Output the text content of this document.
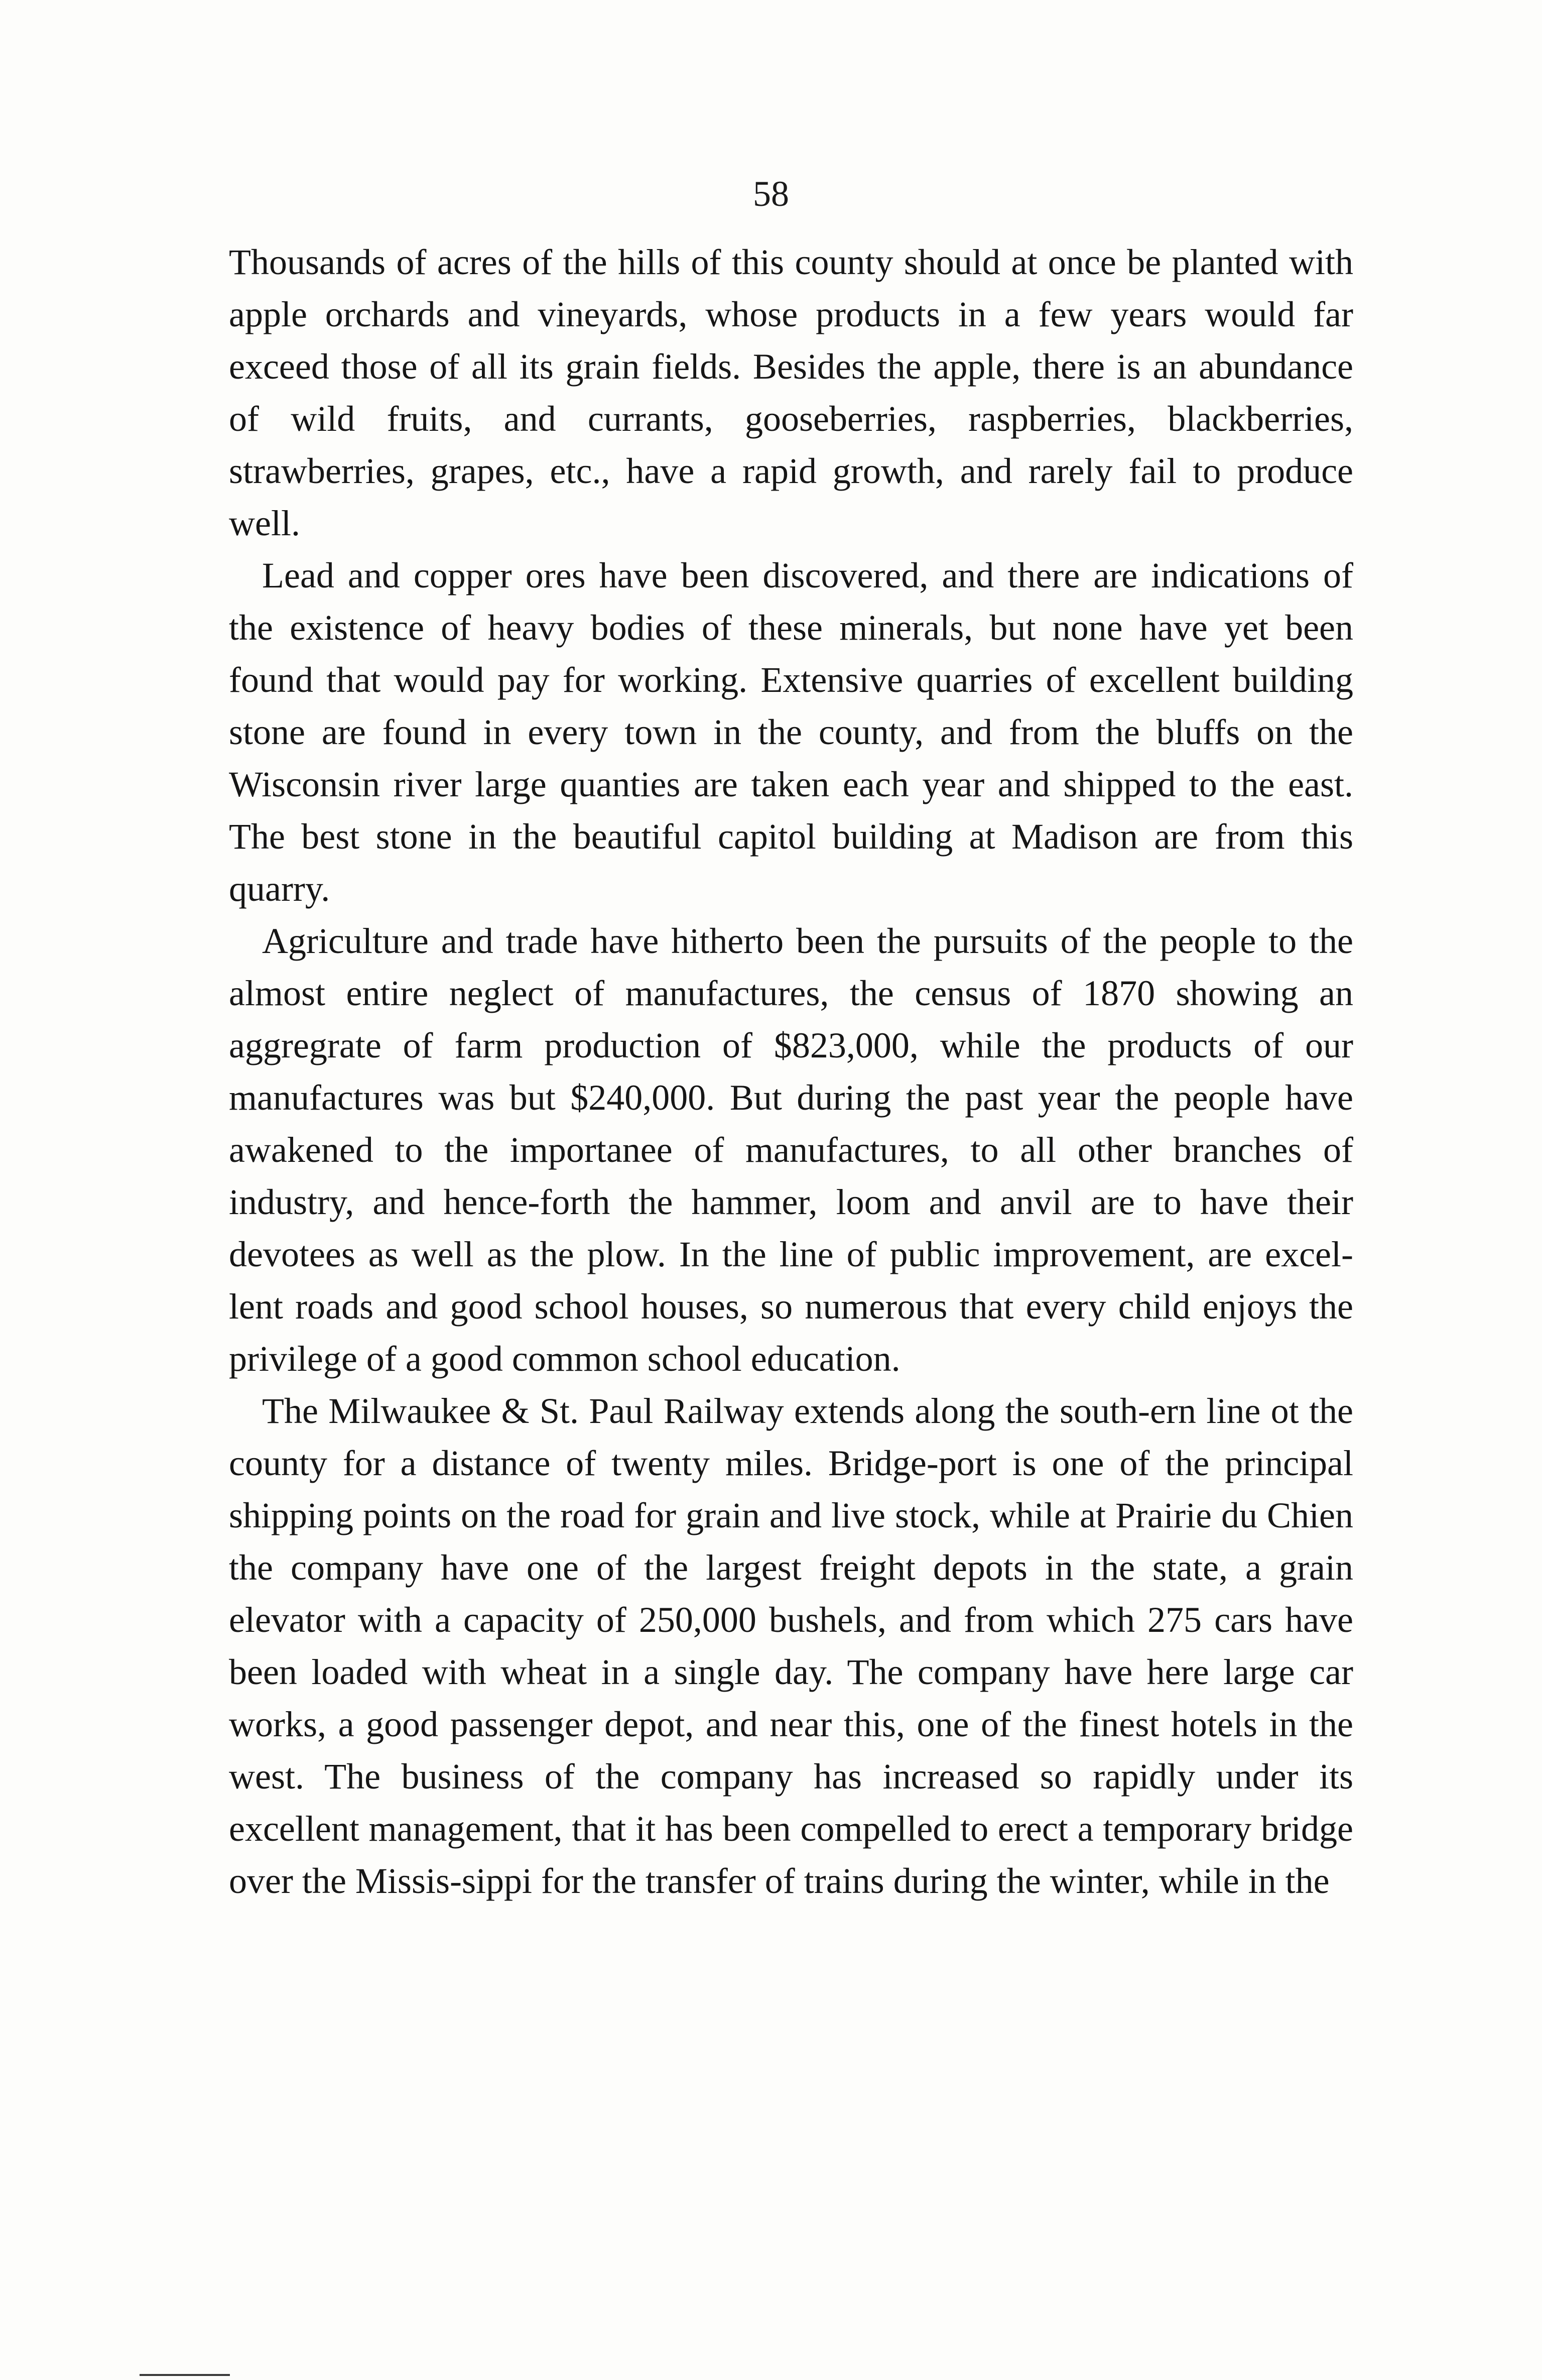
58

Thousands of acres of the hills of this county should at once be planted with apple orchards and vineyards, whose products in a few years would far exceed those of all its grain fields. Besides the apple, there is an abundance of wild fruits, and currants, gooseberries, raspberries, blackberries, strawberries, grapes, etc., have a rapid growth, and rarely fail to produce well.

Lead and copper ores have been discovered, and there are indications of the existence of heavy bodies of these minerals, but none have yet been found that would pay for working. Extensive quarries of excellent building stone are found in every town in the county, and from the bluffs on the Wisconsin river large quanties are taken each year and shipped to the east. The best stone in the beautiful capitol building at Madison are from this quarry.

Agriculture and trade have hitherto been the pursuits of the people to the almost entire neglect of manufactures, the census of 1870 showing an aggregrate of farm production of $823,000, while the products of our manufactures was but $240,000. But during the past year the people have awakened to the importanee of manufactures, to all other branches of industry, and hence-forth the hammer, loom and anvil are to have their devotees as well as the plow. In the line of public improvement, are excel-lent roads and good school houses, so numerous that every child enjoys the privilege of a good common school education.

The Milwaukee & St. Paul Railway extends along the south-ern line ot the county for a distance of twenty miles. Bridge-port is one of the principal shipping points on the road for grain and live stock, while at Prairie du Chien the company have one of the largest freight depots in the state, a grain elevator with a capacity of 250,000 bushels, and from which 275 cars have been loaded with wheat in a single day. The company have here large car works, a good passenger depot, and near this, one of the finest hotels in the west. The business of the company has increased so rapidly under its excellent management, that it has been compelled to erect a temporary bridge over the Missis-sippi for the transfer of trains during the winter, while in the
